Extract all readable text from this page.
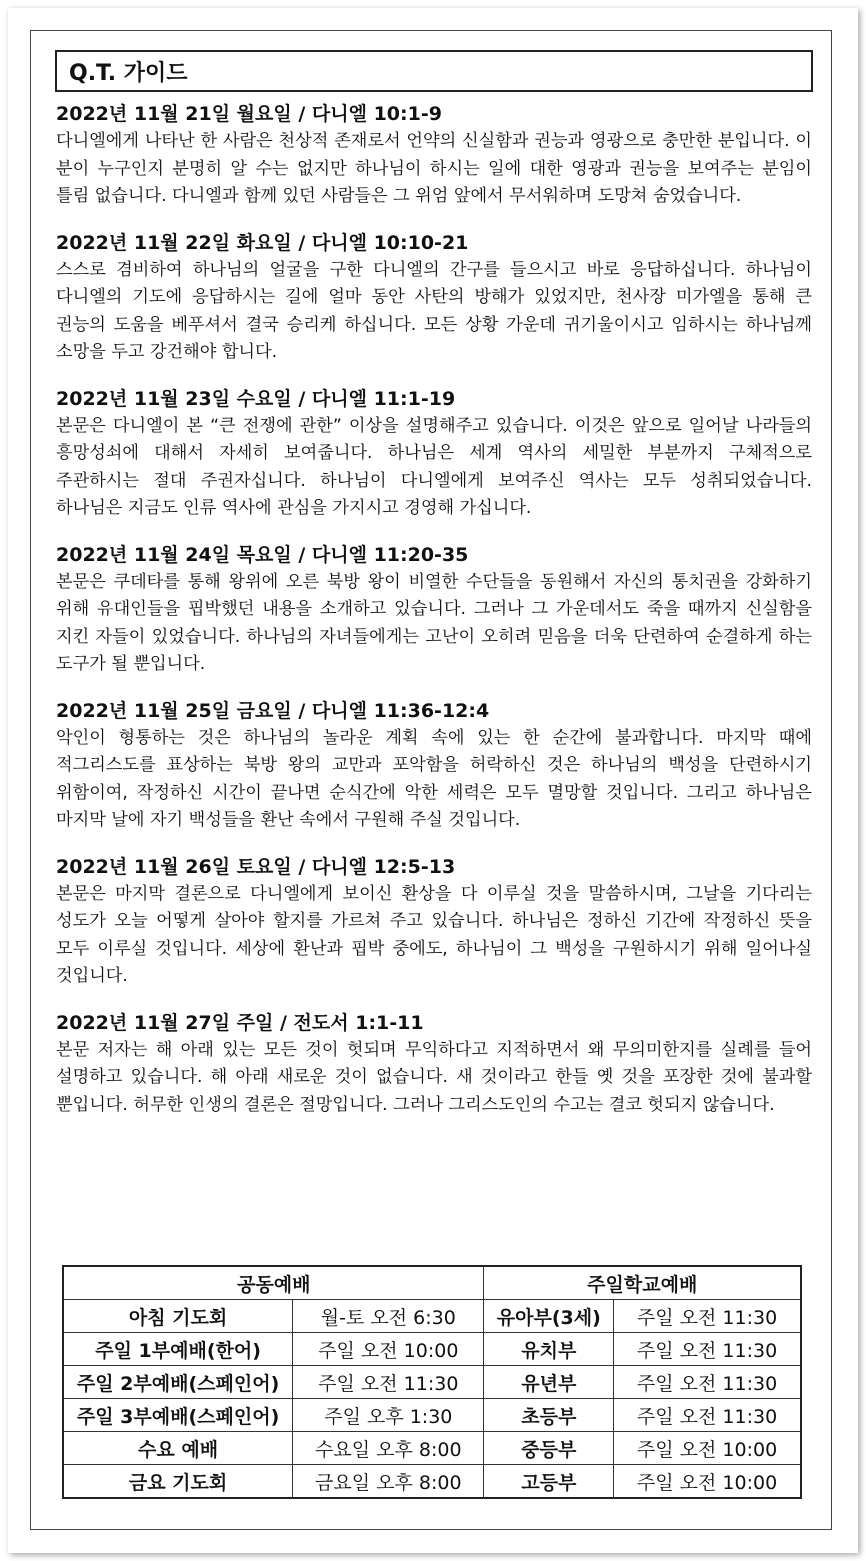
Q.T. 가이드
2022년 11월 21일 월요일 / 다니엘 10:1-9
다니엘에게 나타난 한 사람은 천상적 존재로서 언약의 신실함과 권능과 영광으로 충만한 분입니다. 이 분이 누구인지 분명히 알 수는 없지만 하나님이 하시는 일에 대한 영광과 권능을 보여주는 분임이 틀림 없습니다. 다니엘과 함께 있던 사람들은 그 위엄 앞에서 무서워하며 도망쳐 숨었습니다.
2022년 11월 22일 화요일 / 다니엘 10:10-21
스스로 겸비하여 하나님의 얼굴을 구한 다니엘의 간구를 들으시고 바로 응답하십니다. 하나님이 다니엘의 기도에 응답하시는 길에 얼마 동안 사탄의 방해가 있었지만, 천사장 미가엘을 통해 큰 권능의 도움을 베푸셔서 결국 승리케 하십니다. 모든 상황 가운데 귀기울이시고 임하시는 하나님께 소망을 두고 강건해야 합니다.
2022년 11월 23일 수요일 / 다니엘 11:1-19
본문은 다니엘이 본 “큰 전쟁에 관한” 이상을 설명해주고 있습니다. 이것은 앞으로 일어날 나라들의 흥망성쇠에 대해서 자세히 보여줍니다. 하나님은 세계 역사의 세밀한 부분까지 구체적으로 주관하시는 절대 주권자십니다. 하나님이 다니엘에게 보여주신 역사는 모두 성취되었습니다. 하나님은 지금도 인류 역사에 관심을 가지시고 경영해 가십니다.
2022년 11월 24일 목요일 / 다니엘 11:20-35
본문은 쿠데타를 통해 왕위에 오른 북방 왕이 비열한 수단들을 동원해서 자신의 통치권을 강화하기 위해 유대인들을 핍박했던 내용을 소개하고 있습니다. 그러나 그 가운데서도 죽을 때까지 신실함을 지킨 자들이 있었습니다. 하나님의 자녀들에게는 고난이 오히려 믿음을 더욱 단련하여 순결하게 하는 도구가 될 뿐입니다.
2022년 11월 25일 금요일 / 다니엘 11:36-12:4
악인이 형통하는 것은 하나님의 놀라운 계획 속에 있는 한 순간에 불과합니다. 마지막 때에 적그리스도를 표상하는 북방 왕의 교만과 포악함을 허락하신 것은 하나님의 백성을 단련하시기 위함이여, 작정하신 시간이 끝나면 순식간에 악한 세력은 모두 멸망할 것입니다. 그리고 하나님은 마지막 날에 자기 백성들을 환난 속에서 구원해 주실 것입니다.
2022년 11월 26일 토요일 / 다니엘 12:5-13
본문은 마지막 결론으로 다니엘에게 보이신 환상을 다 이루실 것을 말씀하시며, 그날을 기다리는 성도가 오늘 어떻게 살아야 할지를 가르쳐 주고 있습니다. 하나님은 정하신 기간에 작정하신 뜻을 모두 이루실 것입니다. 세상에 환난과 핍박 중에도, 하나님이 그 백성을 구원하시기 위해 일어나실 것입니다.
2022년 11월 27일 주일 / 전도서 1:1-11
본문 저자는 해 아래 있는 모든 것이 헛되며 무익하다고 지적하면서 왜 무의미한지를 실례를 들어 설명하고 있습니다. 해 아래 새로운 것이 없습니다. 새 것이라고 한들 옛 것을 포장한 것에 불과할 뿐입니다. 허무한 인생의 결론은 절망입니다. 그러나 그리스도인의 수고는 결코 헛되지 않습니다.
공동예배		주일학교예배	
아침 기도회	월-토 오전 6:30	유아부(3세)	주일 오전 11:30
주일 1부예배(한어)	주일 오전 10:00	유치부	주일 오전 11:30
주일 2부예배(스페인어)	주일 오전 11:30	유년부	주일 오전 11:30
주일 3부예배(스페인어)	주일 오후 1:30	초등부	주일 오전 11:30
수요 예배	수요일 오후 8:00	중등부	주일 오전 10:00
금요 기도회	금요일 오후 8:00	고등부	주일 오전 10:00
